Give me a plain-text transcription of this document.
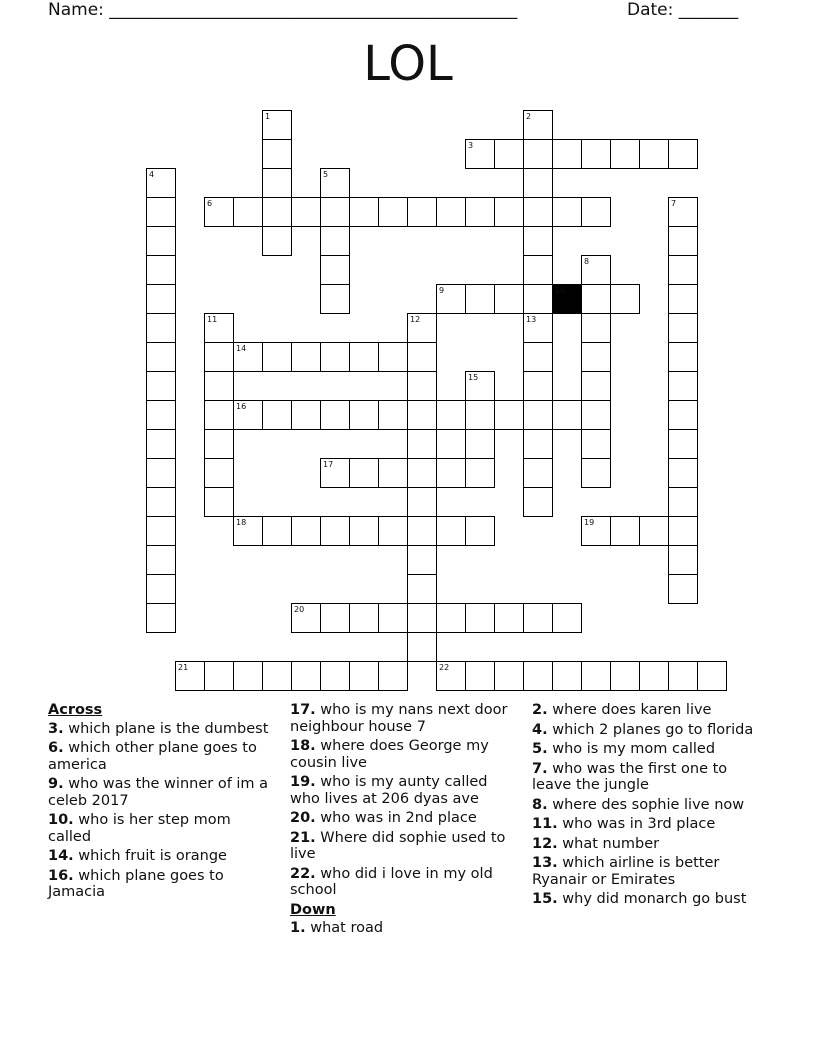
Name: ________________________________________________	Date: _______
LOL
1	2
13
3
4	5
6	7
8
9	10
11	12
14
15
16
17
18	19
20
21	22
Across
3. which plane is the dumbest
6. which other plane goes to america
9. who was the winner of im a celeb 2017
10. who is her step mom called
14. which fruit is orange
16. which plane goes to Jamacia
17. who is my nans next door neighbour house 7
18. where does George my cousin live
19. who is my aunty called who lives at 206 dyas ave
20. who was in 2nd place
21. Where did sophie used to live
22. who did i love in my old school
Down
1. what road
2. where does karen live
4. which 2 planes go to florida
5. who is my mom called
7. who was the first one to leave the jungle
8. where des sophie live now
11. who was in 3rd place
12. what number
13. which airline is better Ryanair or Emirates
15. why did monarch go bust
